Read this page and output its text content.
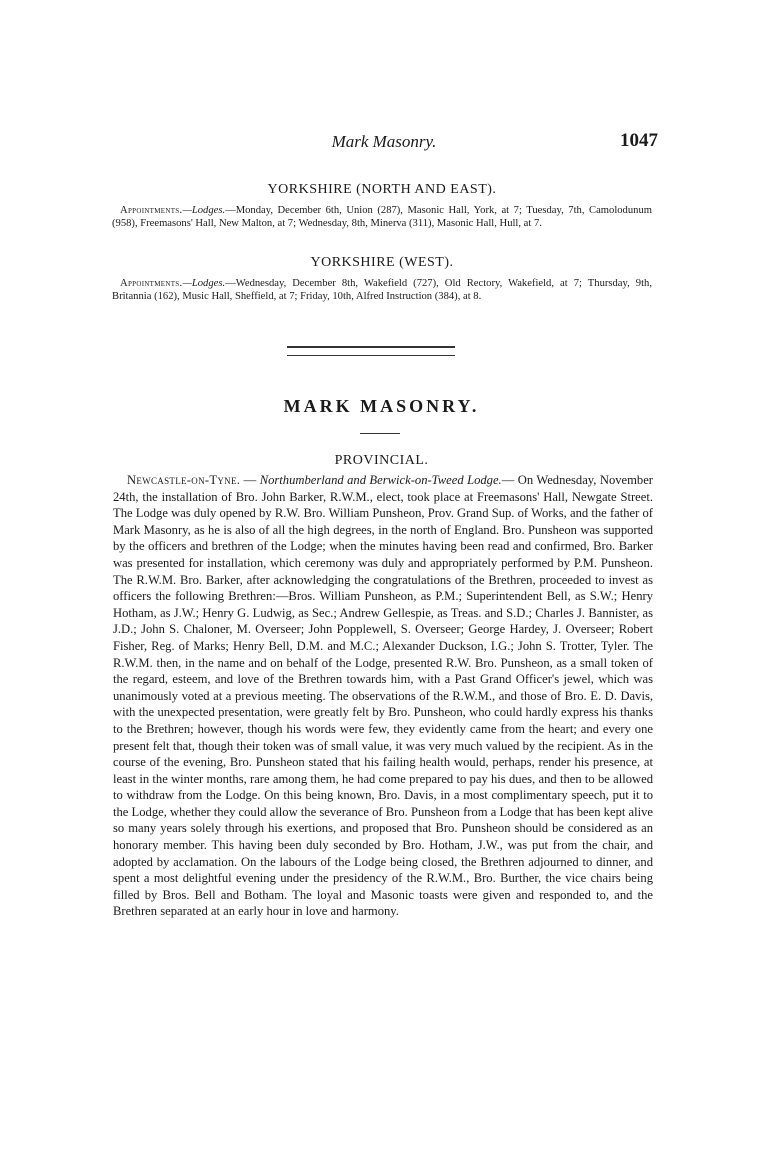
Mark Masonry.	1047
YORKSHIRE (NORTH AND EAST).

Appointments.—Lodges.—Monday, December 6th, Union (287), Masonic Hall, York, at 7; Tuesday, 7th, Camolodunum (958), Freemasons' Hall, New Malton, at 7; Wednesday, 8th, Minerva (311), Masonic Hall, Hull, at 7.

YORKSHIRE (WEST).

Appointments.—Lodges.—Wednesday, December 8th, Wakefield (727), Old Rectory, Wakefield, at 7; Thursday, 9th, Britannia (162), Music Hall, Sheffield, at 7; Friday, 10th, Alfred Instruction (384), at 8.

MARK MASONRY.
PROVINCIAL.

Newcastle-on-Tyne. — Northumberland and Berwick-on-Tweed Lodge.— On Wednesday, November 24th, the installation of Bro. John Barker, R.W.M., elect, took place at Freemasons' Hall, Newgate Street. The Lodge was duly opened by R.W. Bro. William Punsheon, Prov. Grand Sup. of Works, and the father of Mark Masonry, as he is also of all the high degrees, in the north of England. Bro. Punsheon was supported by the officers and brethren of the Lodge; when the minutes having been read and confirmed, Bro. Barker was presented for installation, which ceremony was duly and appropriately performed by P.M. Punsheon. The R.W.M. Bro. Barker, after acknowledging the congratulations of the Brethren, proceeded to invest as officers the following Brethren:—Bros. William Punsheon, as P.M.; Superintendent Bell, as S.W.; Henry Hotham, as J.W.; Henry G. Ludwig, as Sec.; Andrew Gellespie, as Treas. and S.D.; Charles J. Bannister, as J.D.; John S. Chaloner, M. Overseer; John Popplewell, S. Overseer; George Hardey, J. Overseer; Robert Fisher, Reg. of Marks; Henry Bell, D.M. and M.C.; Alexander Duckson, I.G.; John S. Trotter, Tyler. The R.W.M. then, in the name and on behalf of the Lodge, presented R.W. Bro. Punsheon, as a small token of the regard, esteem, and love of the Brethren towards him, with a Past Grand Officer's jewel, which was unanimously voted at a previous meeting. The observations of the R.W.M., and those of Bro. E. D. Davis, with the unexpected presentation, were greatly felt by Bro. Punsheon, who could hardly express his thanks to the Brethren; however, though his words were few, they evidently came from the heart; and every one present felt that, though their token was of small value, it was very much valued by the recipient. As in the course of the evening, Bro. Punsheon stated that his failing health would, perhaps, render his presence, at least in the winter months, rare among them, he had come prepared to pay his dues, and then to be allowed to withdraw from the Lodge. On this being known, Bro. Davis, in a most complimentary speech, put it to the Lodge, whether they could allow the severance of Bro. Punsheon from a Lodge that has been kept alive so many years solely through his exertions, and proposed that Bro. Punsheon should be considered as an honorary member. This having been duly seconded by Bro. Hotham, J.W., was put from the chair, and adopted by acclamation. On the labours of the Lodge being closed, the Brethren adjourned to dinner, and spent a most delightful evening under the presidency of the R.W.M., Bro. Burther, the vice chairs being filled by Bros. Bell and Botham. The loyal and Masonic toasts were given and responded to, and the Brethren separated at an early hour in love and harmony.
